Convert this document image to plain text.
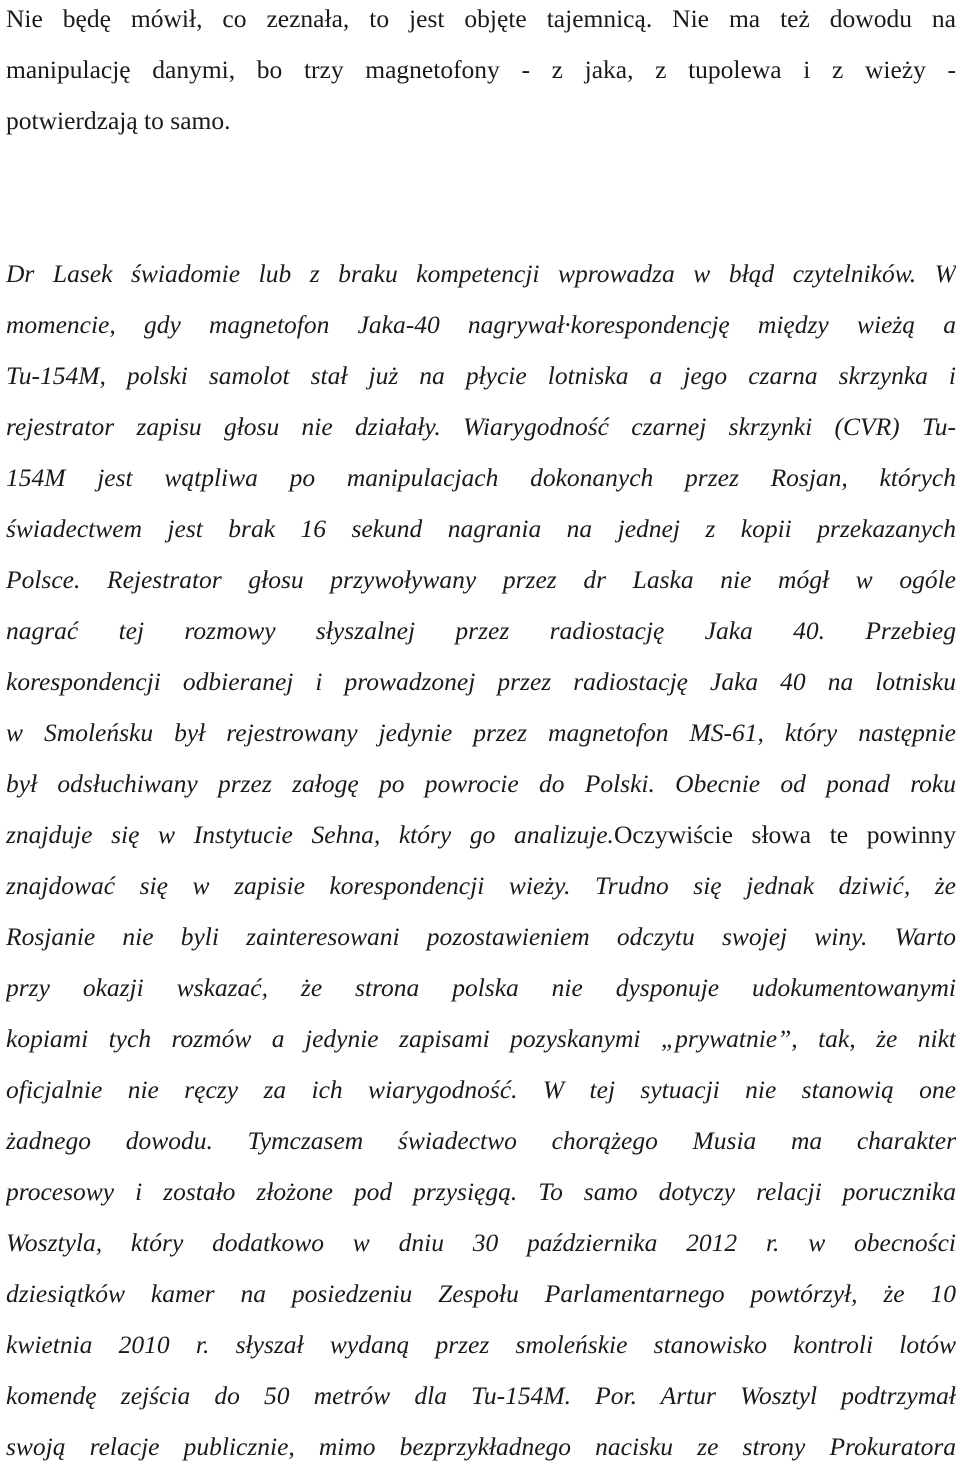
Nie będę mówił, co zeznała, to jest objęte tajemnicą. Nie ma też dowodu na
manipulację danymi, bo trzy magnetofony - z jaka, z tupolewa i z wieży -
potwierdzają to samo.
Dr Lasek świadomie lub z braku kompetencji wprowadza w błąd czytelników. W
momencie, gdy magnetofon Jaka-40 nagrywał·korespondencję między wieżą a
Tu-154M, polski samolot stał już na płycie lotniska a jego czarna skrzynka i
rejestrator zapisu głosu nie działały. Wiarygodność czarnej skrzynki (CVR) Tu-
154M jest wątpliwa po manipulacjach dokonanych przez Rosjan, których
świadectwem jest brak 16 sekund nagrania na jednej z kopii przekazanych
Polsce. Rejestrator głosu przywoływany przez dr Laska nie mógł w ogóle
nagrać tej rozmowy słyszalnej przez radiostację Jaka 40. Przebieg
korespondencji odbieranej i prowadzonej przez radiostację Jaka 40 na lotnisku
w Smoleńsku był rejestrowany jedynie przez magnetofon MS-61, który następnie
był odsłuchiwany przez załogę po powrocie do Polski. Obecnie od ponad roku
znajduje się w Instytucie Sehna, który go analizuje.Oczywiście słowa te powinny
znajdować się w zapisie korespondencji wieży. Trudno się jednak dziwić, że
Rosjanie nie byli zainteresowani pozostawieniem odczytu swojej winy. Warto
przy okazji wskazać, że strona polska nie dysponuje udokumentowanymi
kopiami tych rozmów a jedynie zapisami pozyskanymi „prywatnie”, tak, że nikt
oficjalnie nie ręczy za ich wiarygodność. W tej sytuacji nie stanowią one
żadnego dowodu. Tymczasem świadectwo chorążego Musia ma charakter
procesowy i zostało złożone pod przysięgą. To samo dotyczy relacji porucznika
Wosztyla, który dodatkowo w dniu 30 października 2012 r. w obecności
dziesiątków kamer na posiedzeniu Zespołu Parlamentarnego powtórzył, że 10
kwietnia 2010 r. słyszał wydaną przez smoleńskie stanowisko kontroli lotów
komendę zejścia do 50 metrów dla Tu-154M. Por. Artur Wosztyl podtrzymał
swoją relacje publicznie, mimo bezprzykładnego nacisku ze strony Prokuratora
